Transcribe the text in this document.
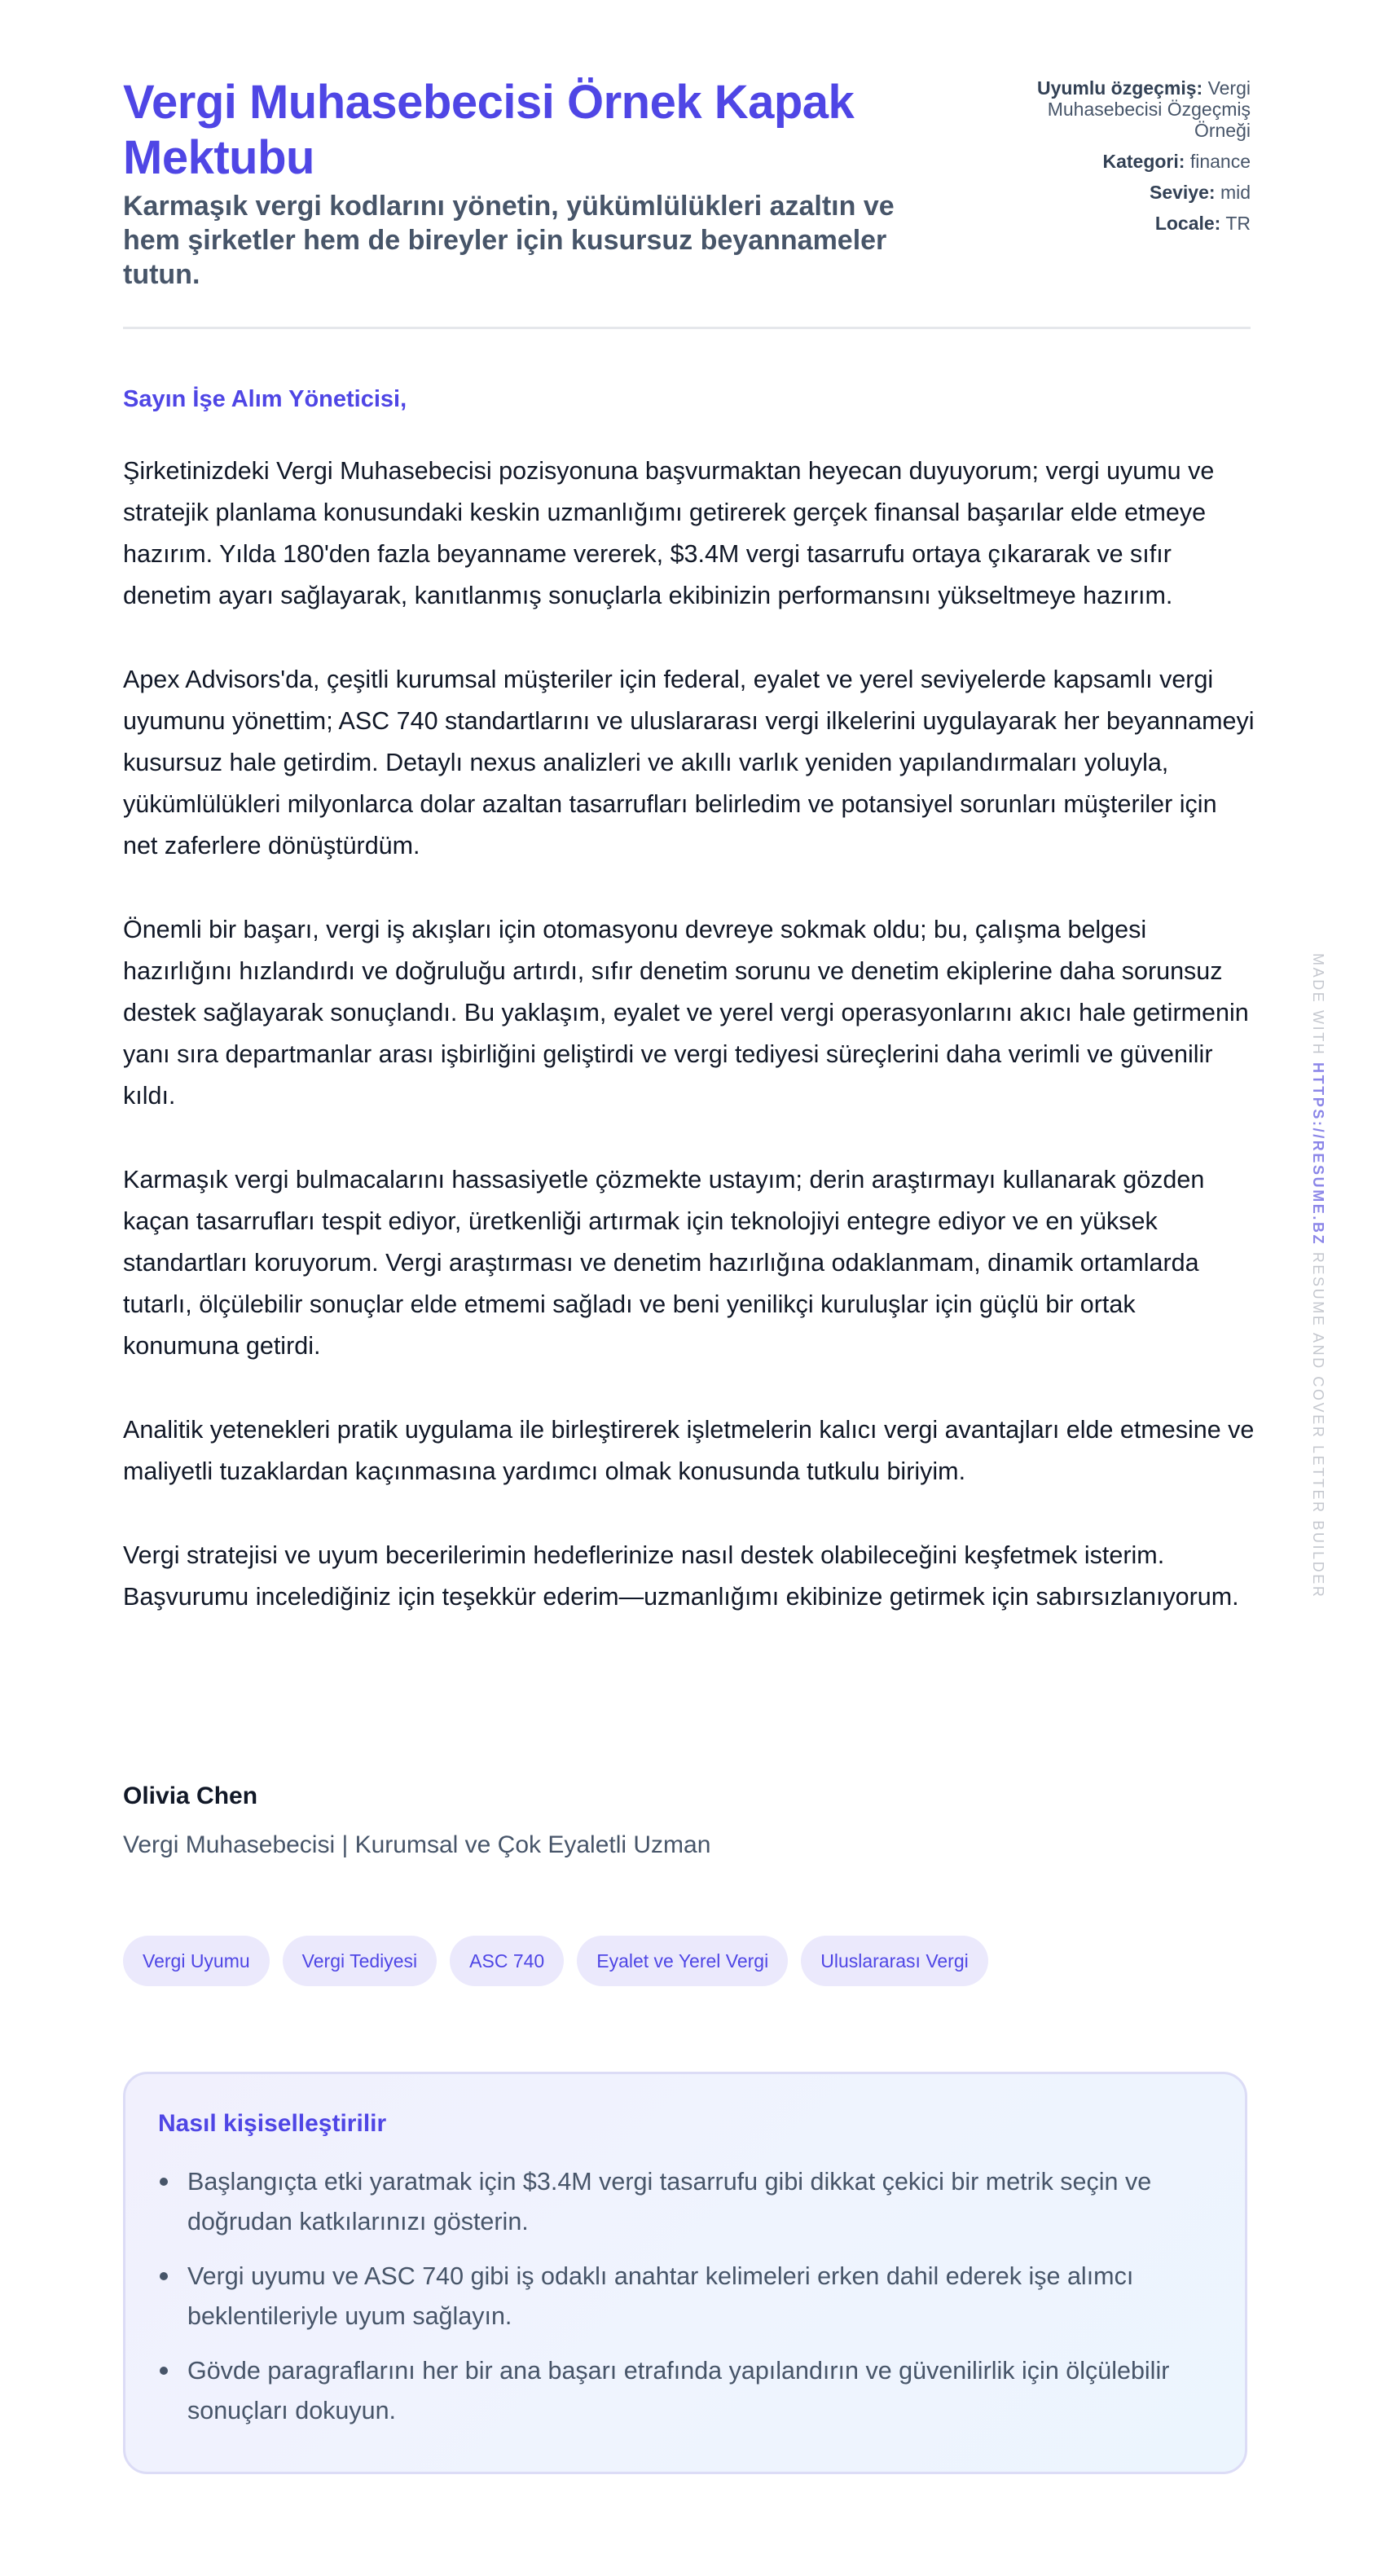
Vergi Muhasebecisi Örnek Kapak Mektubu

Karmaşık vergi kodlarını yönetin, yükümlülükleri azaltın ve hem şirketler hem de bireyler için kusursuz beyannameler tutun.

Uyumlu özgeçmiş: Vergi Muhasebecisi Özgeçmiş Örneği
Kategori: finance
Seviye: mid
Locale: TR

Sayın İşe Alım Yöneticisi,

Şirketinizdeki Vergi Muhasebecisi pozisyonuna başvurmaktan heyecan duyuyorum; vergi uyumu ve stratejik planlama konusundaki keskin uzmanlığımı getirerek gerçek finansal başarılar elde etmeye hazırım. Yılda 180'den fazla beyanname vererek, $3.4M vergi tasarrufu ortaya çıkararak ve sıfır denetim ayarı sağlayarak, kanıtlanmış sonuçlarla ekibinizin performansını yükseltmeye hazırım.

Apex Advisors'da, çeşitli kurumsal müşteriler için federal, eyalet ve yerel seviyelerde kapsamlı vergi uyumunu yönettim; ASC 740 standartlarını ve uluslararası vergi ilkelerini uygulayarak her beyannameyi kusursuz hale getirdim. Detaylı nexus analizleri ve akıllı varlık yeniden yapılandırmaları yoluyla, yükümlülükleri milyonlarca dolar azaltan tasarrufları belirledim ve potansiyel sorunları müşteriler için net zaferlere dönüştürdüm.

Önemli bir başarı, vergi iş akışları için otomasyonu devreye sokmak oldu; bu, çalışma belgesi hazırlığını hızlandırdı ve doğruluğu artırdı, sıfır denetim sorunu ve denetim ekiplerine daha sorunsuz destek sağlayarak sonuçlandı. Bu yaklaşım, eyalet ve yerel vergi operasyonlarını akıcı hale getirmenin yanı sıra departmanlar arası işbirliğini geliştirdi ve vergi tediyesi süreçlerini daha verimli ve güvenilir kıldı.

Karmaşık vergi bulmacalarını hassasiyetle çözmekte ustayım; derin araştırmayı kullanarak gözden kaçan tasarrufları tespit ediyor, üretkenliği artırmak için teknolojiyi entegre ediyor ve en yüksek standartları koruyorum. Vergi araştırması ve denetim hazırlığına odaklanmam, dinamik ortamlarda tutarlı, ölçülebilir sonuçlar elde etmemi sağladı ve beni yenilikçi kuruluşlar için güçlü bir ortak konumuna getirdi.

Analitik yetenekleri pratik uygulama ile birleştirerek işletmelerin kalıcı vergi avantajları elde etmesine ve maliyetli tuzaklardan kaçınmasına yardımcı olmak konusunda tutkulu biriyim.

Vergi stratejisi ve uyum becerilerimin hedeflerinize nasıl destek olabileceğini keşfetmek isterim. Başvurumu incelediğiniz için teşekkür ederim—uzmanlığımı ekibinize getirmek için sabırsızlanıyorum.

Olivia Chen

Vergi Muhasebecisi | Kurumsal ve Çok Eyaletli Uzman

Vergi Uyumu	Vergi Tediyesi	ASC 740	Eyalet ve Yerel Vergi	Uluslararası Vergi
Nasıl kişiselleştirilir
Başlangıçta etki yaratmak için $3.4M vergi tasarrufu gibi dikkat çekici bir metrik seçin ve doğrudan katkılarınızı gösterin.
Vergi uyumu ve ASC 740 gibi iş odaklı anahtar kelimeleri erken dahil ederek işe alımcı beklentileriyle uyum sağlayın.
Gövde paragraflarını her bir ana başarı etrafında yapılandırın ve güvenilirlik için ölçülebilir sonuçları dokuyun.
MADE WITH HTTPS://RESUME.BZ RESUME AND COVER LETTER BUILDER
